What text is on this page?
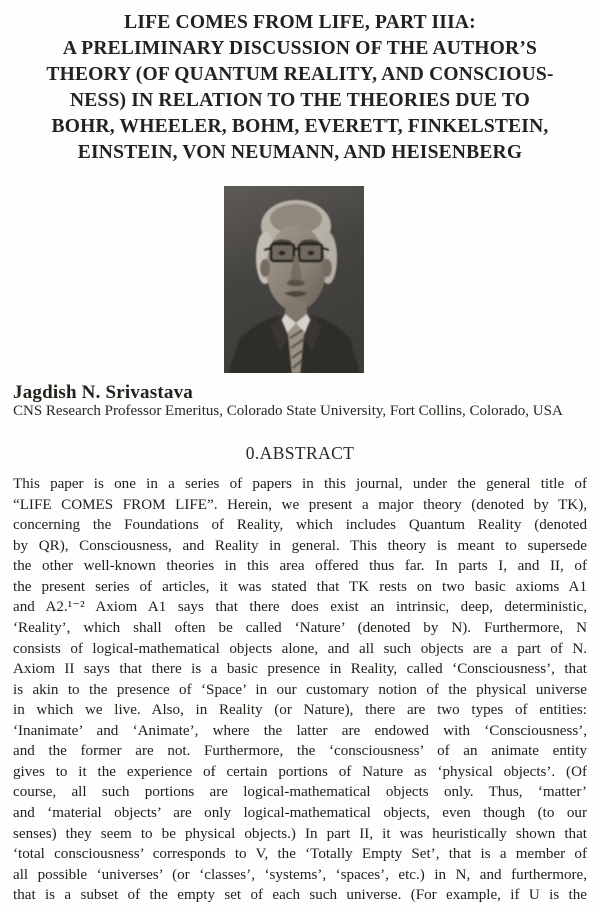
LIFE COMES FROM LIFE, PART IIIA:
A PRELIMINARY DISCUSSION OF THE AUTHOR’S
THEORY (OF QUANTUM REALITY, AND CONSCIOUS-
NESS) IN RELATION TO THE THEORIES DUE TO
BOHR, WHEELER, BOHM, EVERETT, FINKELSTEIN,
EINSTEIN, VON NEUMANN, AND HEISENBERG
Jagdish N. Srivastava
CNS Research Professor Emeritus, Colorado State University, Fort Collins, Colorado, USA
0.ABSTRACT
This paper is one in a series of papers in this journal, under the general title of
“LIFE COMES FROM LIFE”. Herein, we present a major theory (denoted by TK),
concerning the Foundations of Reality, which includes Quantum Reality (denoted
by QR), Consciousness, and Reality in general. This theory is meant to supersede
the other well-known theories in this area offered thus far. In parts I, and II, of
the present series of articles, it was stated that TK rests on two basic axioms A1
and A2.¹⁻² Axiom A1 says that there does exist an intrinsic, deep, deterministic,
‘Reality’, which shall often be called ‘Nature’ (denoted by N). Furthermore, N
consists of logical-mathematical objects alone, and all such objects are a part of N.
Axiom II says that there is a basic presence in Reality, called ‘Consciousness’, that
is akin to the presence of ‘Space’ in our customary notion of the physical universe
in which we live. Also, in Reality (or Nature), there are two types of entities:
‘Inanimate’ and ‘Animate’, where the latter are endowed with ‘Consciousness’,
and the former are not. Furthermore, the ‘consciousness’ of an animate entity
gives to it the experience of certain portions of Nature as ‘physical objects’. (Of
course, all such portions are logical-mathematical objects only. Thus, ‘matter’
and ‘material objects’ are only logical-mathematical objects, even though (to our
senses) they seem to be physical objects.) In part II, it was heuristically shown that
‘total consciousness’ corresponds to V, the ‘Totally Empty Set’, that is a member of
all possible ‘universes’ (or ‘classes’, ‘systems’, ‘spaces’, etc.) in N, and furthermore,
that is a subset of the empty set of each such universe. (For example, if U is the
